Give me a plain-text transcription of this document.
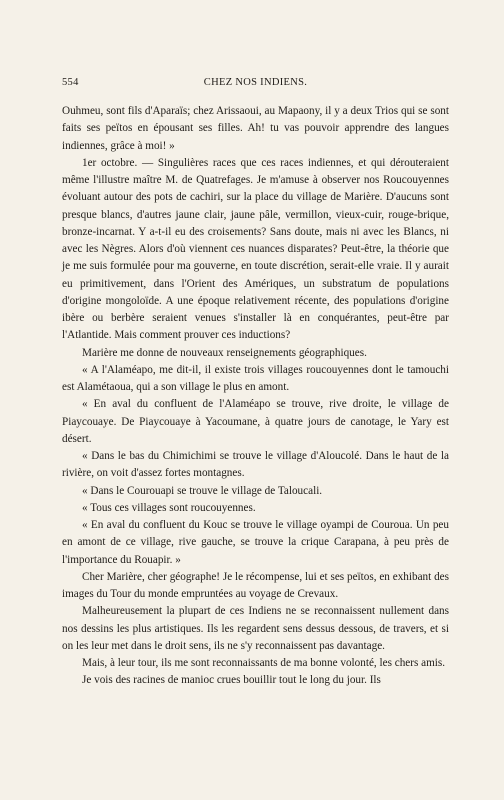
554	CHEZ NOS INDIENS.

Ouhmeu, sont fils d'Aparaïs; chez Arissaoui, au Mapaony, il y a deux Trios qui se sont faits ses peïtos en épousant ses filles. Ah! tu vas pouvoir apprendre des langues indiennes, grâce à moi! »

1er octobre. — Singulières races que ces races indiennes, et qui dérouteraient même l'illustre maître M. de Quatrefages. Je m'amuse à observer nos Roucouyennes évoluant autour des pots de cachiri, sur la place du village de Marière. D'aucuns sont presque blancs, d'autres jaune clair, jaune pâle, vermillon, vieux-cuir, rouge-brique, bronze-incarnat. Y a-t-il eu des croisements? Sans doute, mais ni avec les Blancs, ni avec les Nègres. Alors d'où viennent ces nuances disparates? Peut-être, la théorie que je me suis formulée pour ma gouverne, en toute discrétion, serait-elle vraie. Il y aurait eu primitivement, dans l'Orient des Amériques, un substratum de populations d'origine mongoloïde. A une époque relativement récente, des populations d'origine ibère ou berbère seraient venues s'installer là en conquérantes, peut-être par l'Atlantide. Mais comment prouver ces inductions?

Marière me donne de nouveaux renseignements géographiques.

« A l'Alaméapo, me dit-il, il existe trois villages roucouyennes dont le tamouchi est Alamétaoua, qui a son village le plus en amont.

« En aval du confluent de l'Alaméapo se trouve, rive droite, le village de Piaycouaye. De Piaycouaye à Yacoumane, à quatre jours de canotage, le Yary est désert.

« Dans le bas du Chimichimi se trouve le village d'Aloucolé. Dans le haut de la rivière, on voit d'assez fortes montagnes.

« Dans le Courouapi se trouve le village de Taloucali.

« Tous ces villages sont roucouyennes.

« En aval du confluent du Kouc se trouve le village oyampi de Couroua. Un peu en amont de ce village, rive gauche, se trouve la crique Carapana, à peu près de l'importance du Rouapir. »

Cher Marière, cher géographe! Je le récompense, lui et ses peïtos, en exhibant des images du Tour du monde empruntées au voyage de Crevaux.

Malheureusement la plupart de ces Indiens ne se reconnaissent nullement dans nos dessins les plus artistiques. Ils les regardent sens dessus dessous, de travers, et si on les leur met dans le droit sens, ils ne s'y reconnaissent pas davantage.

Mais, à leur tour, ils me sont reconnaissants de ma bonne volonté, les chers amis.

Je vois des racines de manioc crues bouillir tout le long du jour. Ils
